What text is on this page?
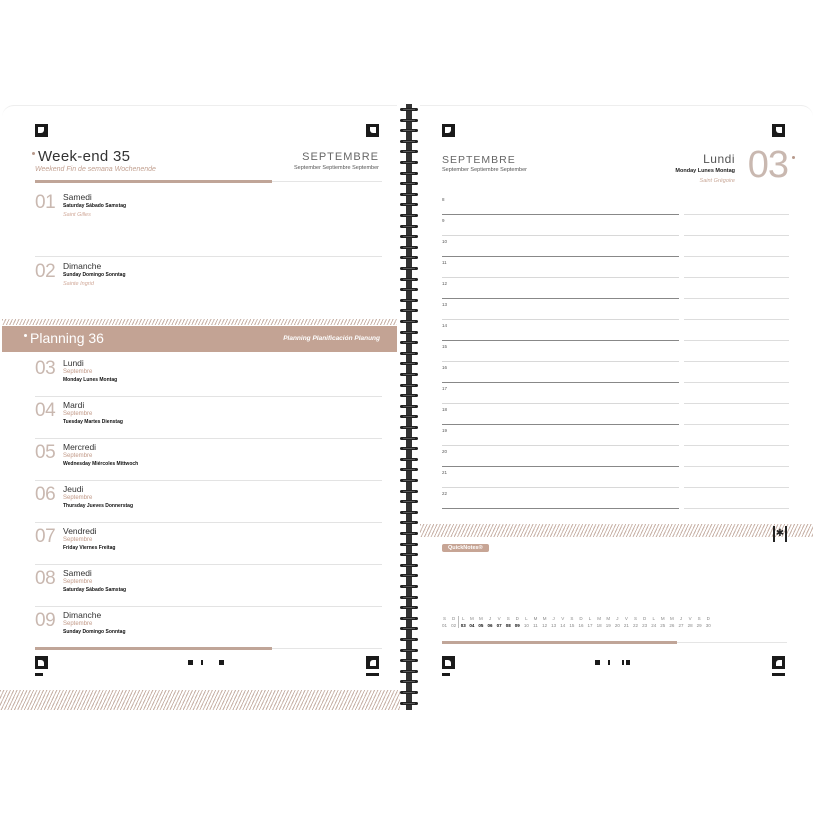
Week-end 35
Weekend Fin de semana Wochenende
SEPTEMBRE
September Septiembre September
01 Samedi
Saturday Sábado Samstag
Saint Gilles
02 Dimanche
Sunday Domingo Sonntag
Sainte Ingrid
Planning 36	Planning Planificación Planung
03 Lundi
Septembre
Monday Lunes Montag
04 Mardi
Septembre
Tuesday Martes Dienstag
05 Mercredi
Septembre
Wednesday Miércoles Mittwoch
06 Jeudi
Septembre
Thursday Jueves Donnerstag
07 Vendredi
Septembre
Friday Viernes Freitag
08 Samedi
Septembre
Saturday Sábado Samstag
09 Dimanche
Septembre
Sunday Domingo Sonntag
SEPTEMBRE
September Septiembre September
Lundi
Monday Lunes Montag
Saint Grégoire 03
8
9
10
11
12
13
14
15
16
17
18
19
20
21
22
QuickNotes®
✱
S
01
D
02
L
03
M
04
M
05
J
06
V
07
S
08
D
09
L
10
M
11
M
12
J
13
V
14
S
15
D
16
L
17
M
18
M
19
J
20
V
21
S
22
D
23
L
24
M
25
M
26
J
27
V
28
S
29
D
30
